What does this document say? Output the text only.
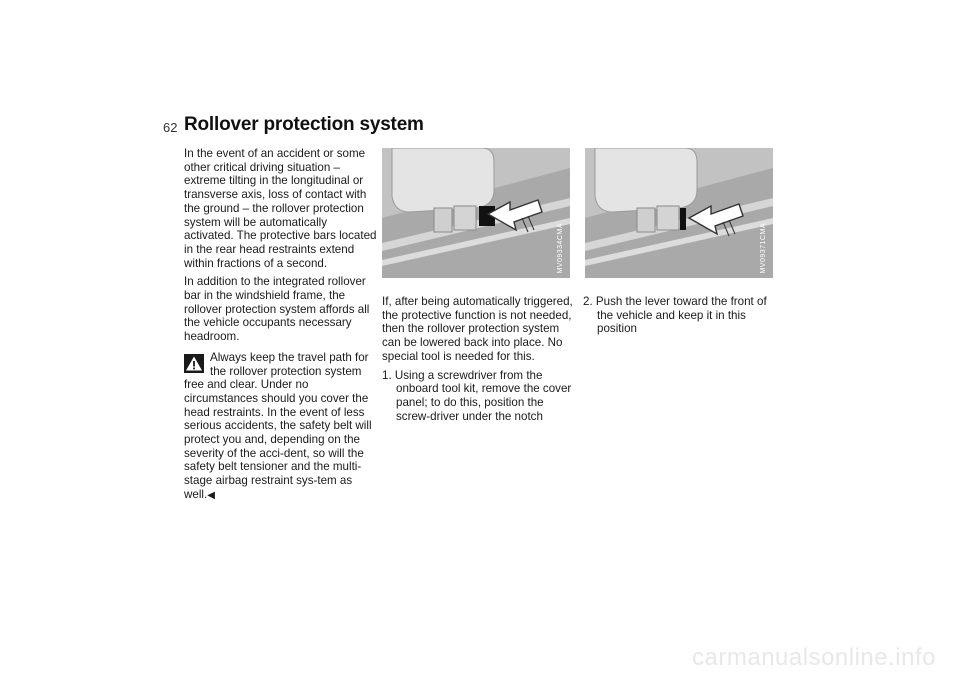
62 Rollover protection system

In the event of an accident or some other critical driving situation – extreme tilting in the longitudinal or transverse axis, loss of contact with the ground – the rollover protection system will be automatically activated. The protective bars located in the rear head restraints extend within fractions of a second.

In addition to the integrated rollover bar in the windshield frame, the rollover protection system affords all the vehicle occupants necessary headroom.

Always keep the travel path for the rollover protection system free and clear. Under no circumstances should you cover the head restraints. In the event of less serious accidents, the safety belt will protect you and, depending on the severity of the acci-dent, so will the safety belt tensioner and the multi-stage airbag restraint sys-tem as well.◀
MV09334CMA	MV09371CMA

If, after being automatically triggered, the protective function is not needed, then the rollover protection system can be lowered back into place. No special tool is needed for this.

1. Using a screwdriver from the onboard tool kit, remove the cover panel; to do this, position the screw-driver under the notch

2. Push the lever toward the front of the vehicle and keep it in this position

carmanualsonline.info
